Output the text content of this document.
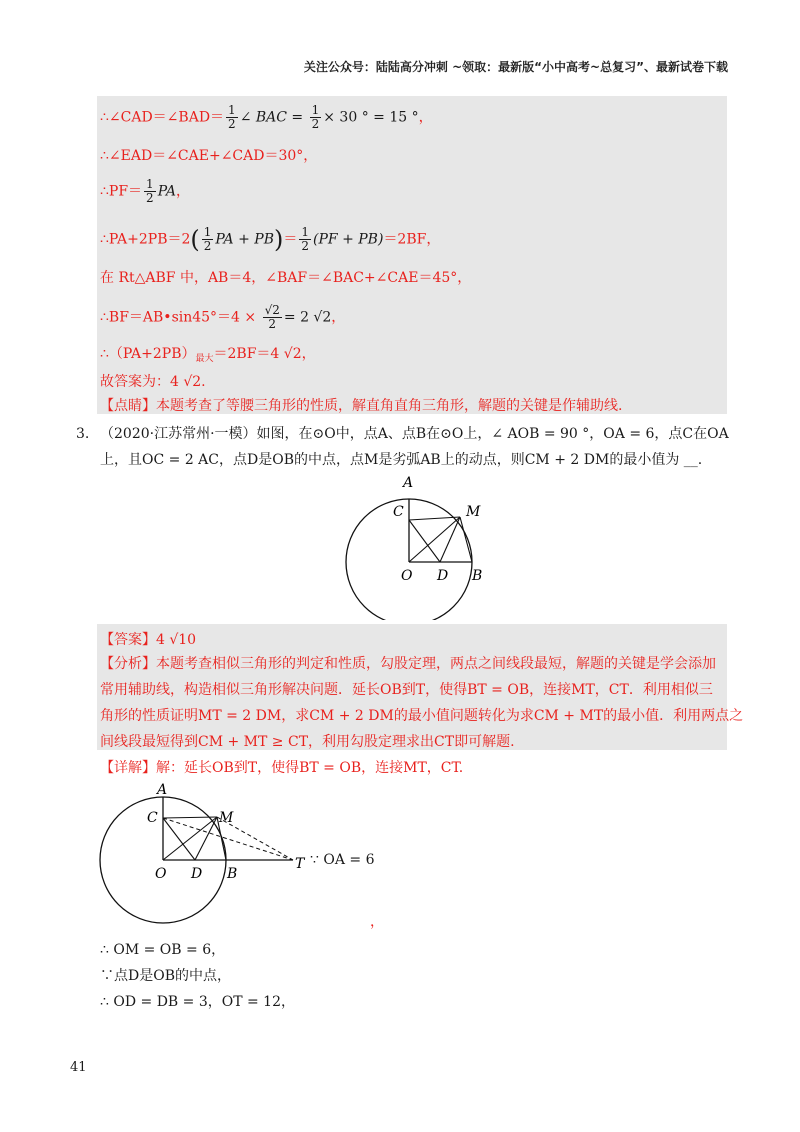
关注公众号：陆陆高分冲刺 ~领取：最新版“小中高考~总复习”、最新试卷下载
∴∠CAD＝∠BAD＝ $\frac{1}{2}$ ∠ BAC = $\frac{1}{2} \times 30$ ° = 15 °，
∴∠EAD＝∠CAE+∠CAD＝30°，
∴PF＝ $\frac{1}{2}$ PA，
∴PA+2PB＝2( $\frac{1}{2}$ PA + $PB)= \frac{1}{2} (PF + PB)=2BF$，
在 Rt△ABF 中，AB＝4，∠BAF＝∠BAC+∠CAE＝45°，
∴BF＝AB•sin45°＝4 × $\frac{√2}{2} = 2$ √2，
$\therefore(PA+2PB)_{最大}=2BF=4$ √2，
故答案为：4 √2.
【点睛】本题考查了等腰三角形的性质，解直角直角三角形，解题的关键是作辅助线.
3. （2020·江苏常州·一模）如图，在⊙O中，点A、点B在⊙O上，∠ AOB = 90 °，OA = 6，点C在OA
上，且OC = 2 AC，点D是OB的中点，点M是劣弧AB上的动点，则CM + 2 DM的最小值为 __.
A
C	M
O D B
【答案】4 √10
【分析】本题考查相似三角形的判定和性质，勾股定理，两点之间线段最短，解题的关键是学会添加
常用辅助线，构造相似三角形解决问题．延长OB到T，使得BT = OB，连接MT，CT．利用相似三
角形的性质证明MT = 2 DM，求CM + 2 DM的最小值问题转化为求CM + MT的最小值．利用两点之
间线段最短得到CM + MT ≥ CT，利用勾股定理求出CT即可解题.
【详解】解：延长OB到T，使得BT = OB，连接MT，CT.
A
C	M
O D B
T ∵ OA = 6
，
∴ OM = OB = 6，
∵点D是OB的中点，
∴ OD = DB = 3，OT = 12，
41
